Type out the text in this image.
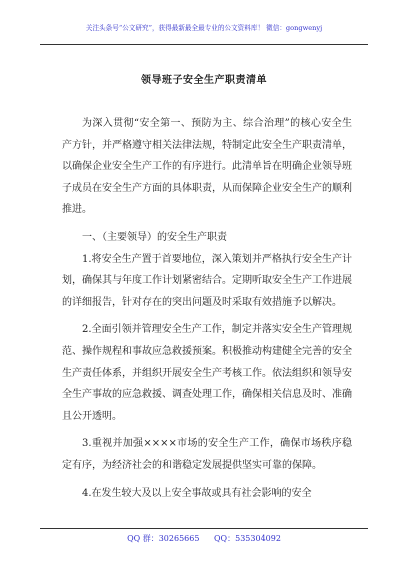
关注头条号“公文研究”，获得最新最全最专业的公文资料库！ 微信：gongwenyj
领导班子安全生产职责清单

为深入贯彻“安全第一、预防为主、综合治理”的核心安全生产方针，并严格遵守相关法律法规，特制定此安全生产职责清单，以确保企业安全生产工作的有序进行。此清单旨在明确企业领导班子成员在安全生产方面的具体职责，从而保障企业安全生产的顺利推进。

一、（主要领导）的安全生产职责

1.将安全生产置于首要地位，深入策划并严格执行安全生产计划，确保其与年度工作计划紧密结合。定期听取安全生产工作进展的详细报告，针对存在的突出问题及时采取有效措施予以解决。

2.全面引领并管理安全生产工作，制定并落实安全生产管理规范、操作规程和事故应急救援预案。积极推动构建健全完善的安全生产责任体系，并组织开展安全生产考核工作。依法组织和领导安全生产事故的应急救援、调查处理工作，确保相关信息及时、准确且公开透明。

3.重视并加强××××市场的安全生产工作，确保市场秩序稳定有序，为经济社会的和谐稳定发展提供坚实可靠的保障。

4.在发生较大及以上安全事故或具有社会影响的安全

QQ 群：30265665 QQ：535304092
